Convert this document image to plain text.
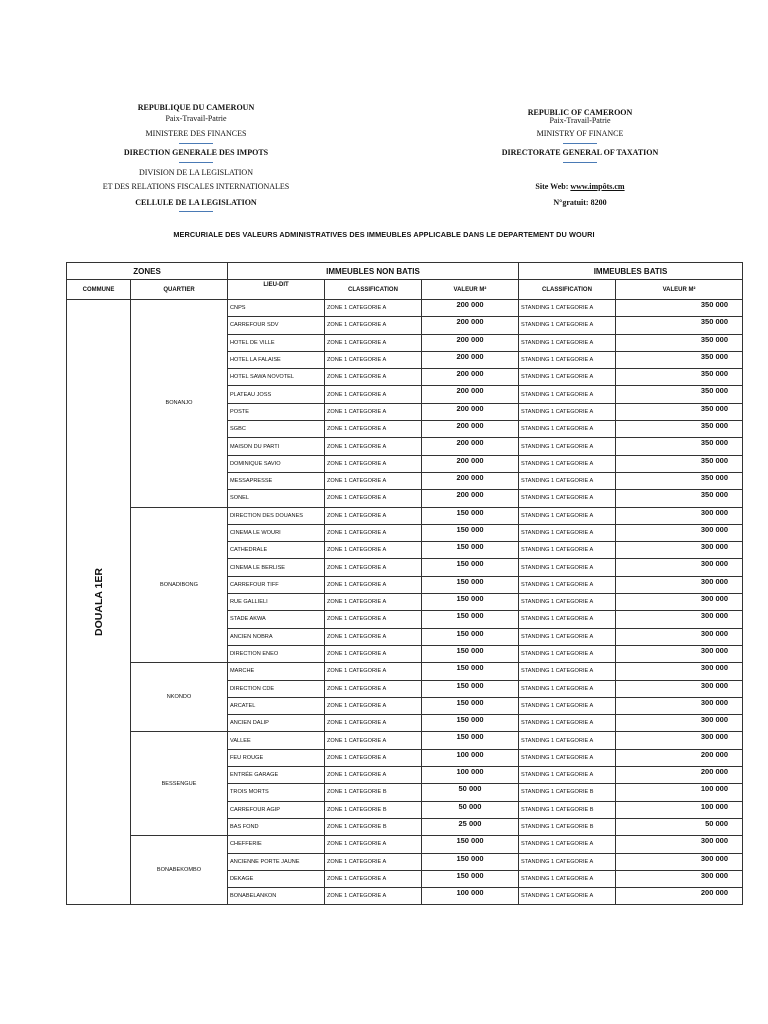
REPUBLIQUE DU CAMEROUN
Paix-Travail-Patrie
MINISTERE DES FINANCES
DIRECTION GENERALE DES IMPOTS
DIVISION DE LA LEGISLATION
ET DES RELATIONS FISCALES INTERNATIONALES
CELLULE DE LA LEGISLATION
REPUBLIC OF CAMEROON
Paix-Travail-Patrie
MINISTRY OF FINANCE
DIRECTORATE GENERAL OF TAXATION
Site Web: www.impôts.cm
N°gratuit: 8200
MERCURIALE DES VALEURS ADMINISTRATIVES DES IMMEUBLES APPLICABLE DANS LE DEPARTEMENT DU WOURI
ZONES		IMMEUBLES NON BATIS			IMMEUBLES BATIS	
COMMUNE	QUARTIER	LIEU-DIT	CLASSIFICATION	VALEUR M²	CLASSIFICATION	VALEUR M²

DOUALA 1ER	BONANJO	CNPS	ZONE 1 CATEGORIE A	200 000	STANDING 1 CATEGORIE A	350 000
		CARREFOUR SDV	ZONE 1 CATEGORIE A	200 000	STANDING 1 CATEGORIE A	350 000
		HOTEL DE VILLE	ZONE 1 CATEGORIE A	200 000	STANDING 1 CATEGORIE A	350 000
		HOTEL LA FALAISE	ZONE 1 CATEGORIE A	200 000	STANDING 1 CATEGORIE A	350 000
		HOTEL SAWA NOVOTEL	ZONE 1 CATEGORIE A	200 000	STANDING 1 CATEGORIE A	350 000
		PLATEAU JOSS	ZONE 1 CATEGORIE A	200 000	STANDING 1 CATEGORIE A	350 000
		POSTE	ZONE 1 CATEGORIE A	200 000	STANDING 1 CATEGORIE A	350 000
		SGBC	ZONE 1 CATEGORIE A	200 000	STANDING 1 CATEGORIE A	350 000
		MAISON DU PARTI	ZONE 1 CATEGORIE A	200 000	STANDING 1 CATEGORIE A	350 000
		DOMINIQUE SAVIO	ZONE 1 CATEGORIE A	200 000	STANDING 1 CATEGORIE A	350 000
		MESSAPRESSE	ZONE 1 CATEGORIE A	200 000	STANDING 1 CATEGORIE A	350 000
		SONEL	ZONE 1 CATEGORIE A	200 000	STANDING 1 CATEGORIE A	350 000
	BONADIBONG	DIRECTION DES DOUANES	ZONE 1 CATEGORIE A	150 000	STANDING 1 CATEGORIE A	300 000
		CINEMA LE WOURI	ZONE 1 CATEGORIE A	150 000	STANDING 1 CATEGORIE A	300 000
		CATHEDRALE	ZONE 1 CATEGORIE A	150 000	STANDING 1 CATEGORIE A	300 000
		CINEMA LE BERLISE	ZONE 1 CATEGORIE A	150 000	STANDING 1 CATEGORIE A	300 000
		CARREFOUR TIFF	ZONE 1 CATEGORIE A	150 000	STANDING 1 CATEGORIE A	300 000
		RUE GALLIELI	ZONE 1 CATEGORIE A	150 000	STANDING 1 CATEGORIE A	300 000
		STADE AKWA	ZONE 1 CATEGORIE A	150 000	STANDING 1 CATEGORIE A	300 000
		ANCIEN NOBRA	ZONE 1 CATEGORIE A	150 000	STANDING 1 CATEGORIE A	300 000
		DIRECTION ENEO	ZONE 1 CATEGORIE A	150 000	STANDING 1 CATEGORIE A	300 000
	NKONDO	MARCHE	ZONE 1 CATEGORIE A	150 000	STANDING 1 CATEGORIE A	300 000
		DIRECTION CDE	ZONE 1 CATEGORIE A	150 000	STANDING 1 CATEGORIE A	300 000
		ARCATEL	ZONE 1 CATEGORIE A	150 000	STANDING 1 CATEGORIE A	300 000
		ANCIEN DALIP	ZONE 1 CATEGORIE A	150 000	STANDING 1 CATEGORIE A	300 000
	BESSENGUE	VALLEE	ZONE 1 CATEGORIE A	150 000	STANDING 1 CATEGORIE A	300 000
		FEU ROUGE	ZONE 1 CATEGORIE A	100 000	STANDING 1 CATEGORIE A	200 000
		ENTRÉE GARAGE	ZONE 1 CATEGORIE A	100 000	STANDING 1 CATEGORIE A	200 000
		TROIS MORTS	ZONE 1 CATEGORIE B	50 000	STANDING 1 CATEGORIE B	100 000
		CARREFOUR AGIP	ZONE 1 CATEGORIE B	50 000	STANDING 1 CATEGORIE B	100 000
		BAS FOND	ZONE 1 CATEGORIE B	25 000	STANDING 1 CATEGORIE B	50 000
	BONABEKOMBO	CHEFFERIE	ZONE 1 CATEGORIE A	150 000	STANDING 1 CATEGORIE A	300 000
		ANCIENNE PORTE JAUNE	ZONE 1 CATEGORIE A	150 000	STANDING 1 CATEGORIE A	300 000
		DEKAGE	ZONE 1 CATEGORIE A	150 000	STANDING 1 CATEGORIE A	300 000
		BONABELANKON	ZONE 1 CATEGORIE A	100 000	STANDING 1 CATEGORIE A	200 000
